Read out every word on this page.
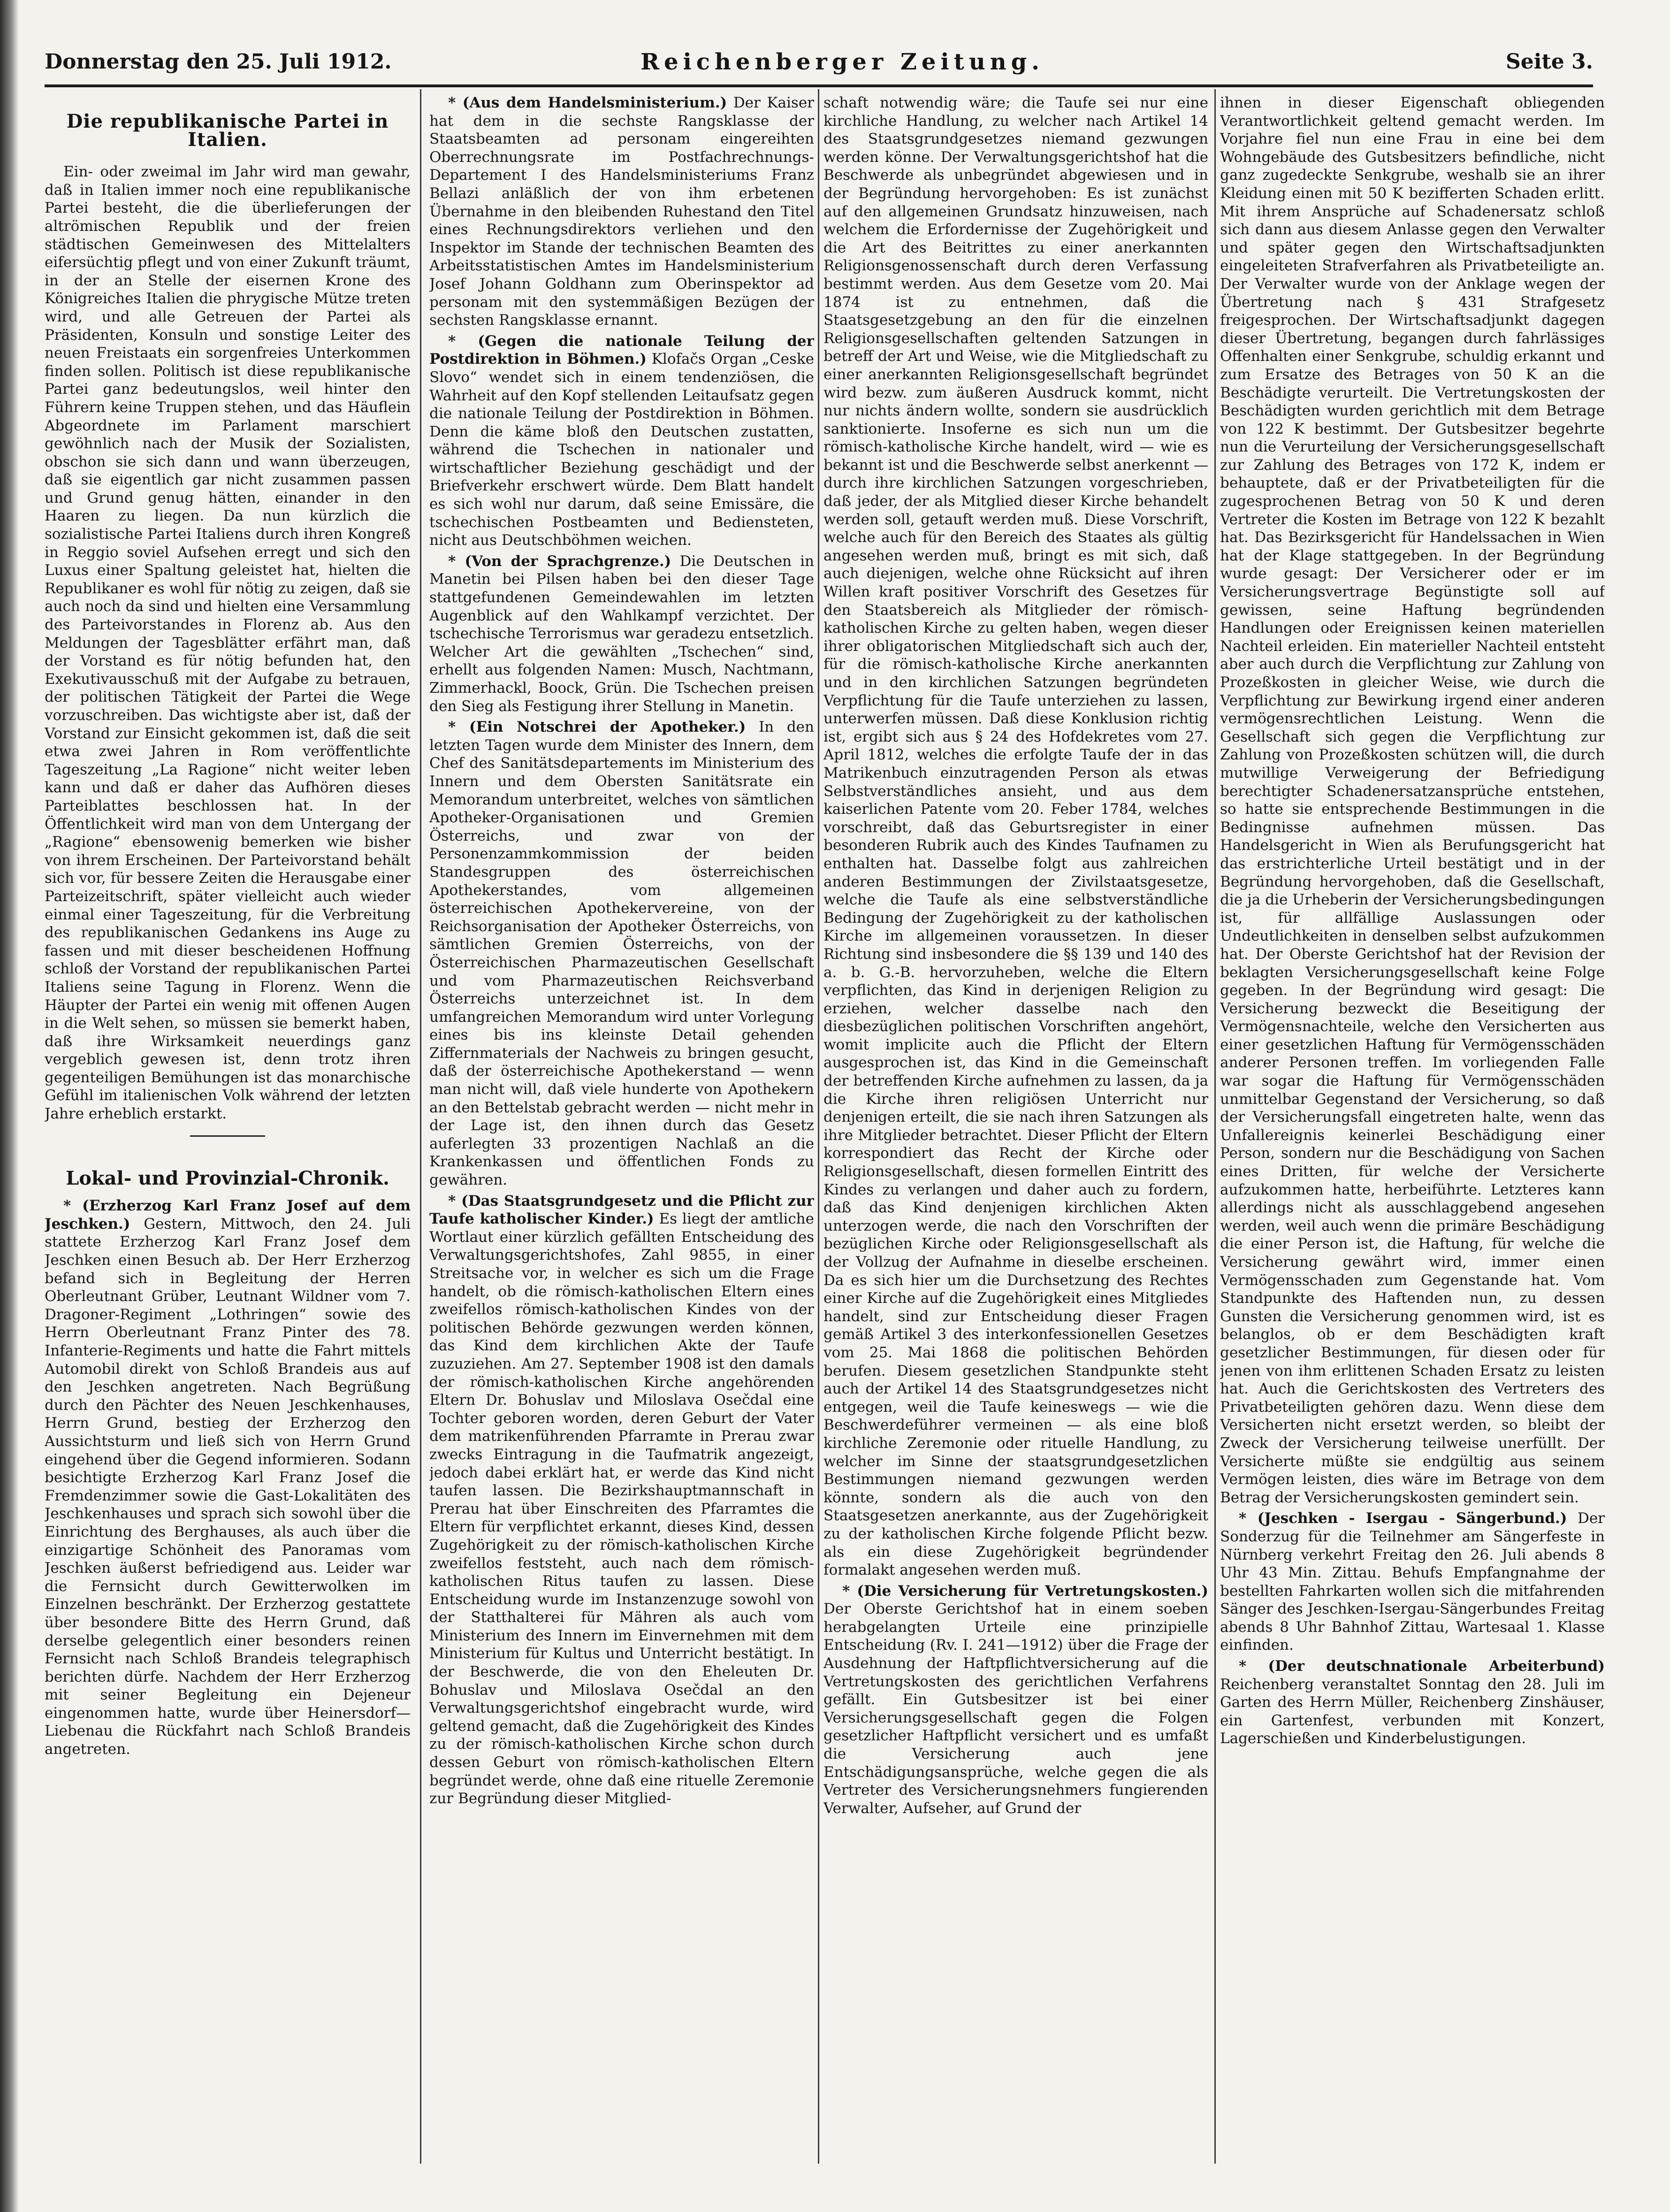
Donnerstag den 25. Juli 1912.	Reichenberger Zeitung.	Seite 3.
Die republikanische Partei in Italien.

Ein- oder zweimal im Jahr wird man gewahr, daß in Italien immer noch eine republikanische Partei besteht, die die überlieferungen der altrömischen Republik und der freien städtischen Gemeinwesen des Mittelalters eifersüchtig pflegt und von einer Zukunft träumt, in der an Stelle der eisernen Krone des Königreiches Italien die phrygische Mütze treten wird, und alle Getreuen der Partei als Präsidenten, Konsuln und sonstige Leiter des neuen Freistaats ein sorgenfreies Unterkommen finden sollen. Politisch ist diese republikanische Partei ganz bedeutungslos, weil hinter den Führern keine Truppen stehen, und das Häuflein Abgeordnete im Parlament marschiert gewöhnlich nach der Musik der Sozialisten, obschon sie sich dann und wann überzeugen, daß sie eigentlich gar nicht zusammen passen und Grund genug hätten, einander in den Haaren zu liegen. Da nun kürzlich die sozialistische Partei Italiens durch ihren Kongreß in Reggio soviel Aufsehen erregt und sich den Luxus einer Spaltung geleistet hat, hielten die Republikaner es wohl für nötig zu zeigen, daß sie auch noch da sind und hielten eine Versammlung des Parteivorstandes in Florenz ab. Aus den Meldungen der Tagesblätter erfährt man, daß der Vorstand es für nötig befunden hat, den Exekutivausschuß mit der Aufgabe zu betrauen, der politischen Tätigkeit der Partei die Wege vorzuschreiben. Das wichtigste aber ist, daß der Vorstand zur Einsicht gekommen ist, daß die seit etwa zwei Jahren in Rom veröffentlichte Tageszeitung „La Ragione“ nicht weiter leben kann und daß er daher das Aufhören dieses Parteiblattes beschlossen hat. In der Öffentlichkeit wird man von dem Untergang der „Ragione“ ebensowenig bemerken wie bisher von ihrem Erscheinen. Der Parteivorstand behält sich vor, für bessere Zeiten die Herausgabe einer Parteizeitschrift, später vielleicht auch wieder einmal einer Tageszeitung, für die Verbreitung des republikanischen Gedankens ins Auge zu fassen und mit dieser bescheidenen Hoffnung schloß der Vorstand der republikanischen Partei Italiens seine Tagung in Florenz. Wenn die Häupter der Partei ein wenig mit offenen Augen in die Welt sehen, so müssen sie bemerkt haben, daß ihre Wirksamkeit neuerdings ganz vergeblich gewesen ist, denn trotz ihren gegenteiligen Bemühungen ist das monarchische Gefühl im italienischen Volk während der letzten Jahre erheblich erstarkt.

Lokal- und Provinzial-Chronik.

* (Erzherzog Karl Franz Josef auf dem Jeschken.) Gestern, Mittwoch, den 24. Juli stattete Erzherzog Karl Franz Josef dem Jeschken einen Besuch ab. Der Herr Erzherzog befand sich in Begleitung der Herren Oberleutnant Grüber, Leutnant Wildner vom 7. Dragoner-Regiment „Lothringen“ sowie des Herrn Oberleutnant Franz Pinter des 78. Infanterie-Regiments und hatte die Fahrt mittels Automobil direkt von Schloß Brandeis aus auf den Jeschken angetreten. Nach Begrüßung durch den Pächter des Neuen Jeschkenhauses, Herrn Grund, bestieg der Erzherzog den Aussichtsturm und ließ sich von Herrn Grund eingehend über die Gegend informieren. Sodann besichtigte Erzherzog Karl Franz Josef die Fremdenzimmer sowie die Gast-Lokalitäten des Jeschkenhauses und sprach sich sowohl über die Einrichtung des Berghauses, als auch über die einzigartige Schönheit des Panoramas vom Jeschken äußerst befriedigend aus. Leider war die Fernsicht durch Gewitterwolken im Einzelnen beschränkt. Der Erzherzog gestattete über besondere Bitte des Herrn Grund, daß derselbe gelegentlich einer besonders reinen Fernsicht nach Schloß Brandeis telegraphisch berichten dürfe. Nachdem der Herr Erzherzog mit seiner Begleitung ein Dejeneur eingenommen hatte, wurde über Heinersdorf—Liebenau die Rückfahrt nach Schloß Brandeis angetreten.

* (Aus dem Handelsministerium.) Der Kaiser hat dem in die sechste Rangsklasse der Staatsbeamten ad personam eingereihten Oberrechnungsrate im Postfachrechnungs-Departement I des Handelsministeriums Franz Bellazi anläßlich der von ihm erbetenen Übernahme in den bleibenden Ruhestand den Titel eines Rechnungsdirektors verliehen und den Inspektor im Stande der technischen Beamten des Arbeitsstatistischen Amtes im Handelsministerium Josef Johann Goldhann zum Oberinspektor ad personam mit den systemmäßigen Bezügen der sechsten Rangsklasse ernannt.

* (Gegen die nationale Teilung der Postdirektion in Böhmen.) Klofačs Organ „Ceske Slovo“ wendet sich in einem tendenziösen, die Wahrheit auf den Kopf stellenden Leitaufsatz gegen die nationale Teilung der Postdirektion in Böhmen. Denn die käme bloß den Deutschen zustatten, während die Tschechen in nationaler und wirtschaftlicher Beziehung geschädigt und der Briefverkehr erschwert würde. Dem Blatt handelt es sich wohl nur darum, daß seine Emissäre, die tschechischen Postbeamten und Bediensteten, nicht aus Deutschböhmen weichen.

* (Von der Sprachgrenze.) Die Deutschen in Manetin bei Pilsen haben bei den dieser Tage stattgefundenen Gemeindewahlen im letzten Augenblick auf den Wahlkampf verzichtet. Der tschechische Terrorismus war geradezu entsetzlich. Welcher Art die gewählten „Tschechen“ sind, erhellt aus folgenden Namen: Musch, Nachtmann, Zimmerhackl, Boock, Grün. Die Tschechen preisen den Sieg als Festigung ihrer Stellung in Manetin.

* (Ein Notschrei der Apotheker.) In den letzten Tagen wurde dem Minister des Innern, dem Chef des Sanitätsdepartements im Ministerium des Innern und dem Obersten Sanitätsrate ein Memorandum unterbreitet, welches von sämtlichen Apotheker-Organisationen und Gremien Österreichs, und zwar von der Personenzammkommission der beiden Standesgruppen des österreichischen Apothekerstandes, vom allgemeinen österreichischen Apothekervereine, von der Reichsorganisation der Apotheker Österreichs, von sämtlichen Gremien Österreichs, von der Österreichischen Pharmazeutischen Gesellschaft und vom Pharmazeutischen Reichsverband Österreichs unterzeichnet ist. In dem umfangreichen Memorandum wird unter Vorlegung eines bis ins kleinste Detail gehenden Ziffernmaterials der Nachweis zu bringen gesucht, daß der österreichische Apothekerstand — wenn man nicht will, daß viele hunderte von Apothekern an den Bettelstab gebracht werden — nicht mehr in der Lage ist, den ihnen durch das Gesetz auferlegten 33 prozentigen Nachlaß an die Krankenkassen und öffentlichen Fonds zu gewähren.

* (Das Staatsgrundgesetz und die Pflicht zur Taufe katholischer Kinder.) Es liegt der amtliche Wortlaut einer kürzlich gefällten Entscheidung des Verwaltungsgerichtshofes, Zahl 9855, in einer Streitsache vor, in welcher es sich um die Frage handelt, ob die römisch-katholischen Eltern eines zweifellos römisch-katholischen Kindes von der politischen Behörde gezwungen werden können, das Kind dem kirchlichen Akte der Taufe zuzuziehen. Am 27. September 1908 ist den damals der römisch-katholischen Kirche angehörenden Eltern Dr. Bohuslav und Miloslava Osečdal eine Tochter geboren worden, deren Geburt der Vater dem matrikenführenden Pfarramte in Prerau zwar zwecks Eintragung in die Taufmatrik angezeigt, jedoch dabei erklärt hat, er werde das Kind nicht taufen lassen. Die Bezirkshauptmannschaft in Prerau hat über Einschreiten des Pfarramtes die Eltern für verpflichtet erkannt, dieses Kind, dessen Zugehörigkeit zu der römisch-katholischen Kirche zweifellos feststeht, auch nach dem römisch-katholischen Ritus taufen zu lassen. Diese Entscheidung wurde im Instanzenzuge sowohl von der Statthalterei für Mähren als auch vom Ministerium des Innern im Einvernehmen mit dem Ministerium für Kultus und Unterricht bestätigt. In der Beschwerde, die von den Eheleuten Dr. Bohuslav und Miloslava Osečdal an den Verwaltungsgerichtshof eingebracht wurde, wird geltend gemacht, daß die Zugehörigkeit des Kindes zu der römisch-katholischen Kirche schon durch dessen Geburt von römisch-katholischen Eltern begründet werde, ohne daß eine rituelle Zeremonie zur Begründung dieser Mitglied-

schaft notwendig wäre; die Taufe sei nur eine kirchliche Handlung, zu welcher nach Artikel 14 des Staatsgrundgesetzes niemand gezwungen werden könne. Der Verwaltungsgerichtshof hat die Beschwerde als unbegründet abgewiesen und in der Begründung hervorgehoben: Es ist zunächst auf den allgemeinen Grundsatz hinzuweisen, nach welchem die Erfordernisse der Zugehörigkeit und die Art des Beitrittes zu einer anerkannten Religionsgenossenschaft durch deren Verfassung bestimmt werden. Aus dem Gesetze vom 20. Mai 1874 ist zu entnehmen, daß die Staatsgesetzgebung an den für die einzelnen Religionsgesellschaften geltenden Satzungen in betreff der Art und Weise, wie die Mitgliedschaft zu einer anerkannten Religionsgesellschaft begründet wird bezw. zum äußeren Ausdruck kommt, nicht nur nichts ändern wollte, sondern sie ausdrücklich sanktionierte. Insoferne es sich nun um die römisch-katholische Kirche handelt, wird — wie es bekannt ist und die Beschwerde selbst anerkennt — durch ihre kirchlichen Satzungen vorgeschrieben, daß jeder, der als Mitglied dieser Kirche behandelt werden soll, getauft werden muß. Diese Vorschrift, welche auch für den Bereich des Staates als gültig angesehen werden muß, bringt es mit sich, daß auch diejenigen, welche ohne Rücksicht auf ihren Willen kraft positiver Vorschrift des Gesetzes für den Staatsbereich als Mitglieder der römisch-katholischen Kirche zu gelten haben, wegen dieser ihrer obligatorischen Mitgliedschaft sich auch der, für die römisch-katholische Kirche anerkannten und in den kirchlichen Satzungen begründeten Verpflichtung für die Taufe unterziehen zu lassen, unterwerfen müssen. Daß diese Konklusion richtig ist, ergibt sich aus § 24 des Hofdekretes vom 27. April 1812, welches die erfolgte Taufe der in das Matrikenbuch einzutragenden Person als etwas Selbstverständliches ansieht, und aus dem kaiserlichen Patente vom 20. Feber 1784, welches vorschreibt, daß das Geburtsregister in einer besonderen Rubrik auch des Kindes Taufnamen zu enthalten hat. Dasselbe folgt aus zahlreichen anderen Bestimmungen der Zivilstaatsgesetze, welche die Taufe als eine selbstverständliche Bedingung der Zugehörigkeit zu der katholischen Kirche im allgemeinen voraussetzen. In dieser Richtung sind insbesondere die §§ 139 und 140 des a. b. G.-B. hervorzuheben, welche die Eltern verpflichten, das Kind in derjenigen Religion zu erziehen, welcher dasselbe nach den diesbezüglichen politischen Vorschriften angehört, womit implicite auch die Pflicht der Eltern ausgesprochen ist, das Kind in die Gemeinschaft der betreffenden Kirche aufnehmen zu lassen, da ja die Kirche ihren religiösen Unterricht nur denjenigen erteilt, die sie nach ihren Satzungen als ihre Mitglieder betrachtet. Dieser Pflicht der Eltern korrespondiert das Recht der Kirche oder Religionsgesellschaft, diesen formellen Eintritt des Kindes zu verlangen und daher auch zu fordern, daß das Kind denjenigen kirchlichen Akten unterzogen werde, die nach den Vorschriften der bezüglichen Kirche oder Religionsgesellschaft als der Vollzug der Aufnahme in dieselbe erscheinen. Da es sich hier um die Durchsetzung des Rechtes einer Kirche auf die Zugehörigkeit eines Mitgliedes handelt, sind zur Entscheidung dieser Fragen gemäß Artikel 3 des interkonfessionellen Gesetzes vom 25. Mai 1868 die politischen Behörden berufen. Diesem gesetzlichen Standpunkte steht auch der Artikel 14 des Staatsgrundgesetzes nicht entgegen, weil die Taufe keineswegs — wie die Beschwerdeführer vermeinen — als eine bloß kirchliche Zeremonie oder rituelle Handlung, zu welcher im Sinne der staatsgrundgesetzlichen Bestimmungen niemand gezwungen werden könnte, sondern als die auch von den Staatsgesetzen anerkannte, aus der Zugehörigkeit zu der katholischen Kirche folgende Pflicht bezw. als ein diese Zugehörigkeit begründender formalakt angesehen werden muß.

* (Die Versicherung für Vertretungskosten.) Der Oberste Gerichtshof hat in einem soeben herabgelangten Urteile eine prinzipielle Entscheidung (Rv. I. 241—1912) über die Frage der Ausdehnung der Haftpflichtversicherung auf die Vertretungskosten des gerichtlichen Verfahrens gefällt. Ein Gutsbesitzer ist bei einer Versicherungsgesellschaft gegen die Folgen gesetzlicher Haftpflicht versichert und es umfaßt die Versicherung auch jene Entschädigungsansprüche, welche gegen die als Vertreter des Versicherungsnehmers fungierenden Verwalter, Aufseher, auf Grund der

ihnen in dieser Eigenschaft obliegenden Verantwortlichkeit geltend gemacht werden. Im Vorjahre fiel nun eine Frau in eine bei dem Wohngebäude des Gutsbesitzers befindliche, nicht ganz zugedeckte Senkgrube, weshalb sie an ihrer Kleidung einen mit 50 K bezifferten Schaden erlitt. Mit ihrem Ansprüche auf Schadenersatz schloß sich dann aus diesem Anlasse gegen den Verwalter und später gegen den Wirtschaftsadjunkten eingeleiteten Strafverfahren als Privatbeteiligte an. Der Verwalter wurde von der Anklage wegen der Übertretung nach § 431 Strafgesetz freigesprochen. Der Wirtschaftsadjunkt dagegen dieser Übertretung, begangen durch fahrlässiges Offenhalten einer Senkgrube, schuldig erkannt und zum Ersatze des Betrages von 50 K an die Beschädigte verurteilt. Die Vertretungskosten der Beschädigten wurden gerichtlich mit dem Betrage von 122 K bestimmt. Der Gutsbesitzer begehrte nun die Verurteilung der Versicherungsgesellschaft zur Zahlung des Betrages von 172 K, indem er behauptete, daß er der Privatbeteiligten für die zugesprochenen Betrag von 50 K und deren Vertreter die Kosten im Betrage von 122 K bezahlt hat. Das Bezirksgericht für Handelssachen in Wien hat der Klage stattgegeben. In der Begründung wurde gesagt: Der Versicherer oder er im Versicherungsvertrage Begünstigte soll auf gewissen, seine Haftung begründenden Handlungen oder Ereignissen keinen materiellen Nachteil erleiden. Ein materieller Nachteil entsteht aber auch durch die Verpflichtung zur Zahlung von Prozeßkosten in gleicher Weise, wie durch die Verpflichtung zur Bewirkung irgend einer anderen vermögensrechtlichen Leistung. Wenn die Gesellschaft sich gegen die Verpflichtung zur Zahlung von Prozeßkosten schützen will, die durch mutwillige Verweigerung der Befriedigung berechtigter Schadenersatzansprüche entstehen, so hatte sie entsprechende Bestimmungen in die Bedingnisse aufnehmen müssen. Das Handelsgericht in Wien als Berufungsgericht hat das erstrichterliche Urteil bestätigt und in der Begründung hervorgehoben, daß die Gesellschaft, die ja die Urheberin der Versicherungsbedingungen ist, für allfällige Auslassungen oder Undeutlichkeiten in denselben selbst aufzukommen hat. Der Oberste Gerichtshof hat der Revision der beklagten Versicherungsgesellschaft keine Folge gegeben. In der Begründung wird gesagt: Die Versicherung bezweckt die Beseitigung der Vermögensnachteile, welche den Versicherten aus einer gesetzlichen Haftung für Vermögensschäden anderer Personen treffen. Im vorliegenden Falle war sogar die Haftung für Vermögensschäden unmittelbar Gegenstand der Versicherung, so daß der Versicherungsfall eingetreten halte, wenn das Unfallereignis keinerlei Beschädigung einer Person, sondern nur die Beschädigung von Sachen eines Dritten, für welche der Versicherte aufzukommen hatte, herbeiführte. Letzteres kann allerdings nicht als ausschlaggebend angesehen werden, weil auch wenn die primäre Beschädigung die einer Person ist, die Haftung, für welche die Versicherung gewährt wird, immer einen Vermögensschaden zum Gegenstande hat. Vom Standpunkte des Haftenden nun, zu dessen Gunsten die Versicherung genommen wird, ist es belanglos, ob er dem Beschädigten kraft gesetzlicher Bestimmungen, für diesen oder für jenen von ihm erlittenen Schaden Ersatz zu leisten hat. Auch die Gerichtskosten des Vertreters des Privatbeteiligten gehören dazu. Wenn diese dem Versicherten nicht ersetzt werden, so bleibt der Zweck der Versicherung teilweise unerfüllt. Der Versicherte müßte sie endgültig aus seinem Vermögen leisten, dies wäre im Betrage von dem Betrag der Versicherungskosten gemindert sein.

* (Jeschken - Isergau - Sängerbund.) Der Sonderzug für die Teilnehmer am Sängerfeste in Nürnberg verkehrt Freitag den 26. Juli abends 8 Uhr 43 Min. Zittau. Behufs Empfangnahme der bestellten Fahrkarten wollen sich die mitfahrenden Sänger des Jeschken-Isergau-Sängerbundes Freitag abends 8 Uhr Bahnhof Zittau, Wartesaal 1. Klasse einfinden.

* (Der deutschnationale Arbeiterbund) Reichenberg veranstaltet Sonntag den 28. Juli im Garten des Herrn Müller, Reichenberg Zinshäuser, ein Gartenfest, verbunden mit Konzert, Lagerschießen und Kinderbelustigungen.
